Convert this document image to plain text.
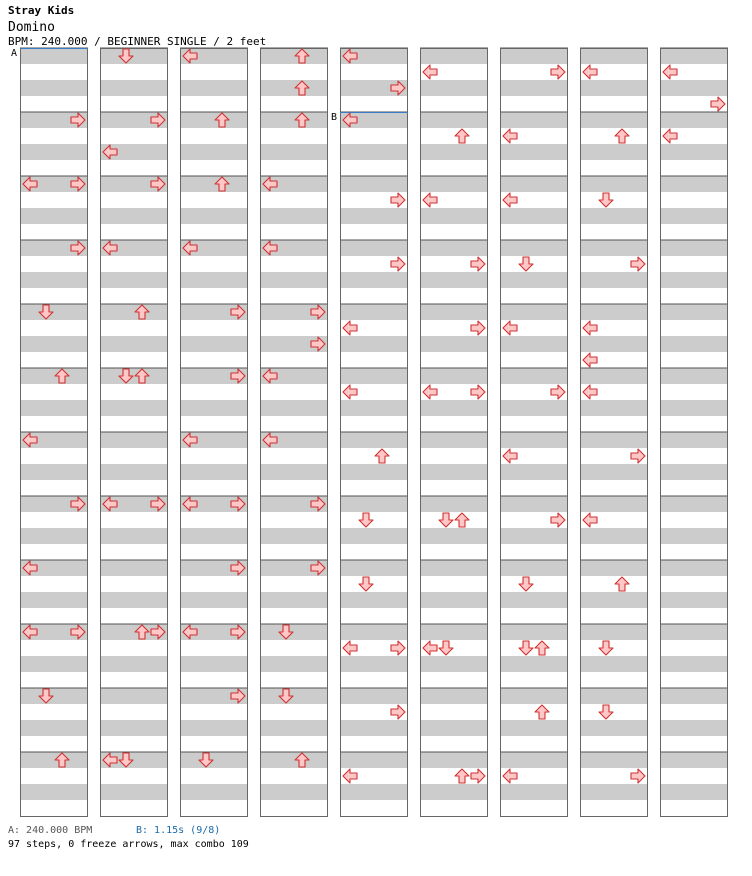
Stray Kids
Domino
BPM: 240.000 / BEGINNER SINGLE / 2 feet
A
B
A: 240.000 BPM	B: 1.15s (9/8)
97 steps, 0 freeze arrows, max combo 109
